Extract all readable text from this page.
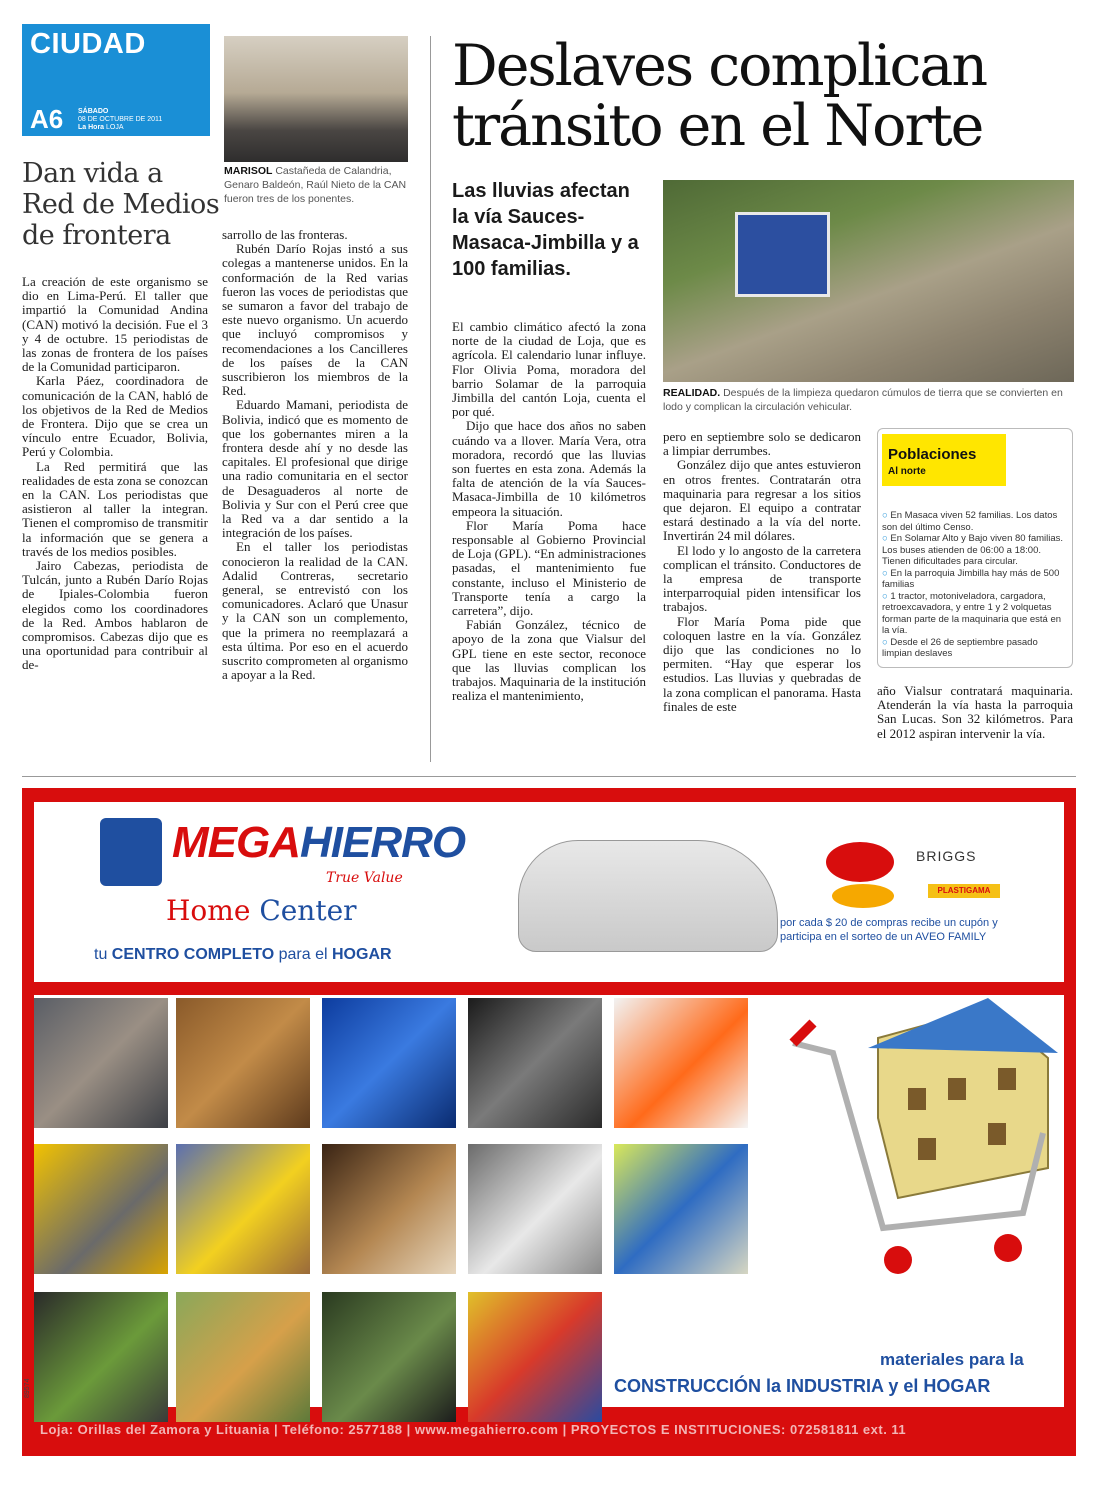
CIUDAD
A6 SÁBADO
08 DE OCTUBRE DE 2011
La Hora LOJA
MARISOL Castañeda de Calandria, Genaro Baldeón, Raúl Nieto de la CAN fueron tres de los ponentes.
Dan vida a Red de Medios de frontera

La creación de este organismo se dio en Lima-Perú. El taller que impartió la Comunidad Andina (CAN) motivó la decisión. Fue el 3 y 4 de octubre. 15 periodistas de las zonas de frontera de los países de la Comunidad participaron.

Karla Páez, coordinadora de comunicación de la CAN, habló de los objetivos de la Red de Medios de Frontera. Dijo que se crea un vínculo entre Ecuador, Bolivia, Perú y Colombia.

La Red permitirá que las realidades de esta zona se conozcan en la CAN. Los periodistas que asistieron al taller la integran. Tienen el compromiso de transmitir la información que se genera a través de los medios posibles.

Jairo Cabezas, periodista de Tulcán, junto a Rubén Darío Rojas de Ipiales-Colombia fueron elegidos como los coordinadores de la Red. Ambos hablaron de compromisos. Cabezas dijo que es una oportunidad para contribuir al de-

sarrollo de las fronteras.

Rubén Darío Rojas instó a sus colegas a mantenerse unidos. En la conformación de la Red varias fueron las voces de periodistas que se sumaron a favor del trabajo de este nuevo organismo. Un acuerdo que incluyó compromisos y recomendaciones a los Cancilleres de los países de la CAN suscribieron los miembros de la Red.

Eduardo Mamani, periodista de Bolivia, indicó que es momento de que los gobernantes miren a la frontera desde ahí y no desde las capitales. El profesional que dirige una radio comunitaria en el sector de Desaguaderos al norte de Bolivia y Sur con el Perú cree que la Red va a dar sentido a la integración de los países.

En el taller los periodistas conocieron la realidad de la CAN. Adalid Contreras, secretario general, se entrevistó con los comunicadores. Aclaró que Unasur y la CAN son un complemento, que la primera no reemplazará a esta última. Por eso en el acuerdo suscrito comprometen al organismo a apoyar a la Red.

Deslaves complican tránsito en el Norte
Las lluvias afectan la vía Sauces-Masaca-Jimbilla y a 100 familias.
REALIDAD. Después de la limpieza quedaron cúmulos de tierra que se convierten en lodo y complican la circulación vehicular.

El cambio climático afectó la zona norte de la ciudad de Loja, que es agrícola. El calendario lunar influye. Flor Olivia Poma, moradora del barrio Solamar de la parroquia Jimbilla del cantón Loja, cuenta el por qué.

Dijo que hace dos años no saben cuándo va a llover. María Vera, otra moradora, recordó que las lluvias son fuertes en esta zona. Además la falta de atención de la vía Sauces-Masaca-Jimbilla de 10 kilómetros empeora la situación.

Flor María Poma hace responsable al Gobierno Provincial de Loja (GPL). “En administraciones pasadas, el mantenimiento fue constante, incluso el Ministerio de Transporte tenía a cargo la carretera”, dijo.

Fabián González, técnico de apoyo de la zona que Vialsur del GPL tiene en este sector, reconoce que las lluvias complican los trabajos. Maquinaria de la institución realiza el mantenimiento,

pero en septiembre solo se dedicaron a limpiar derrumbes.

González dijo que antes estuvieron en otros frentes. Contratarán otra maquinaria para regresar a los sitios que dejaron. El equipo a contratar estará destinado a la vía del norte. Invertirán 24 mil dólares.

El lodo y lo angosto de la carretera complican el tránsito. Conductores de la empresa de transporte interparroquial piden intensificar los trabajos.

Flor María Poma pide que coloquen lastre en la vía. González dijo que las condiciones no lo permiten. “Hay que esperar los estudios. Las lluvias y quebradas de la zona complican el panorama. Hasta finales de este

año Vialsur contratará maquinaria. Atenderán la vía hasta la parroquia San Lucas. Son 32 kilómetros. Para el 2012 aspiran intervenir la vía.

Poblaciones
Al norte
○ En Masaca viven 52 familias. Los datos son del último Censo.
○ En Solamar Alto y Bajo viven 80 familias. Los buses atienden de 06:00 a 18:00. Tienen dificultades para circular.
○ En la parroquia Jimbilla hay más de 500 familias
○ 1 tractor, motoniveladora, cargadora, retroexcavadora, y entre 1 y 2 volquetas forman parte de la maquinaria que está en la vía.
○ Desde el 26 de septiembre pasado limpian deslaves
MEGAHIERRO
True Value
Home Center
tu CENTRO COMPLETO para el HOGAR
BRIGGS
PLASTIGAMA
por cada $ 20 de compras recibe un cupón y participa en el sorteo de un AVEO FAMILY
materiales para la
CONSTRUCCIÓN la INDUSTRIA y el HOGAR
89574
Loja: Orillas del Zamora y Lituania | Teléfono: 2577188 | www.megahierro.com | PROYECTOS E INSTITUCIONES: 072581811 ext. 11
